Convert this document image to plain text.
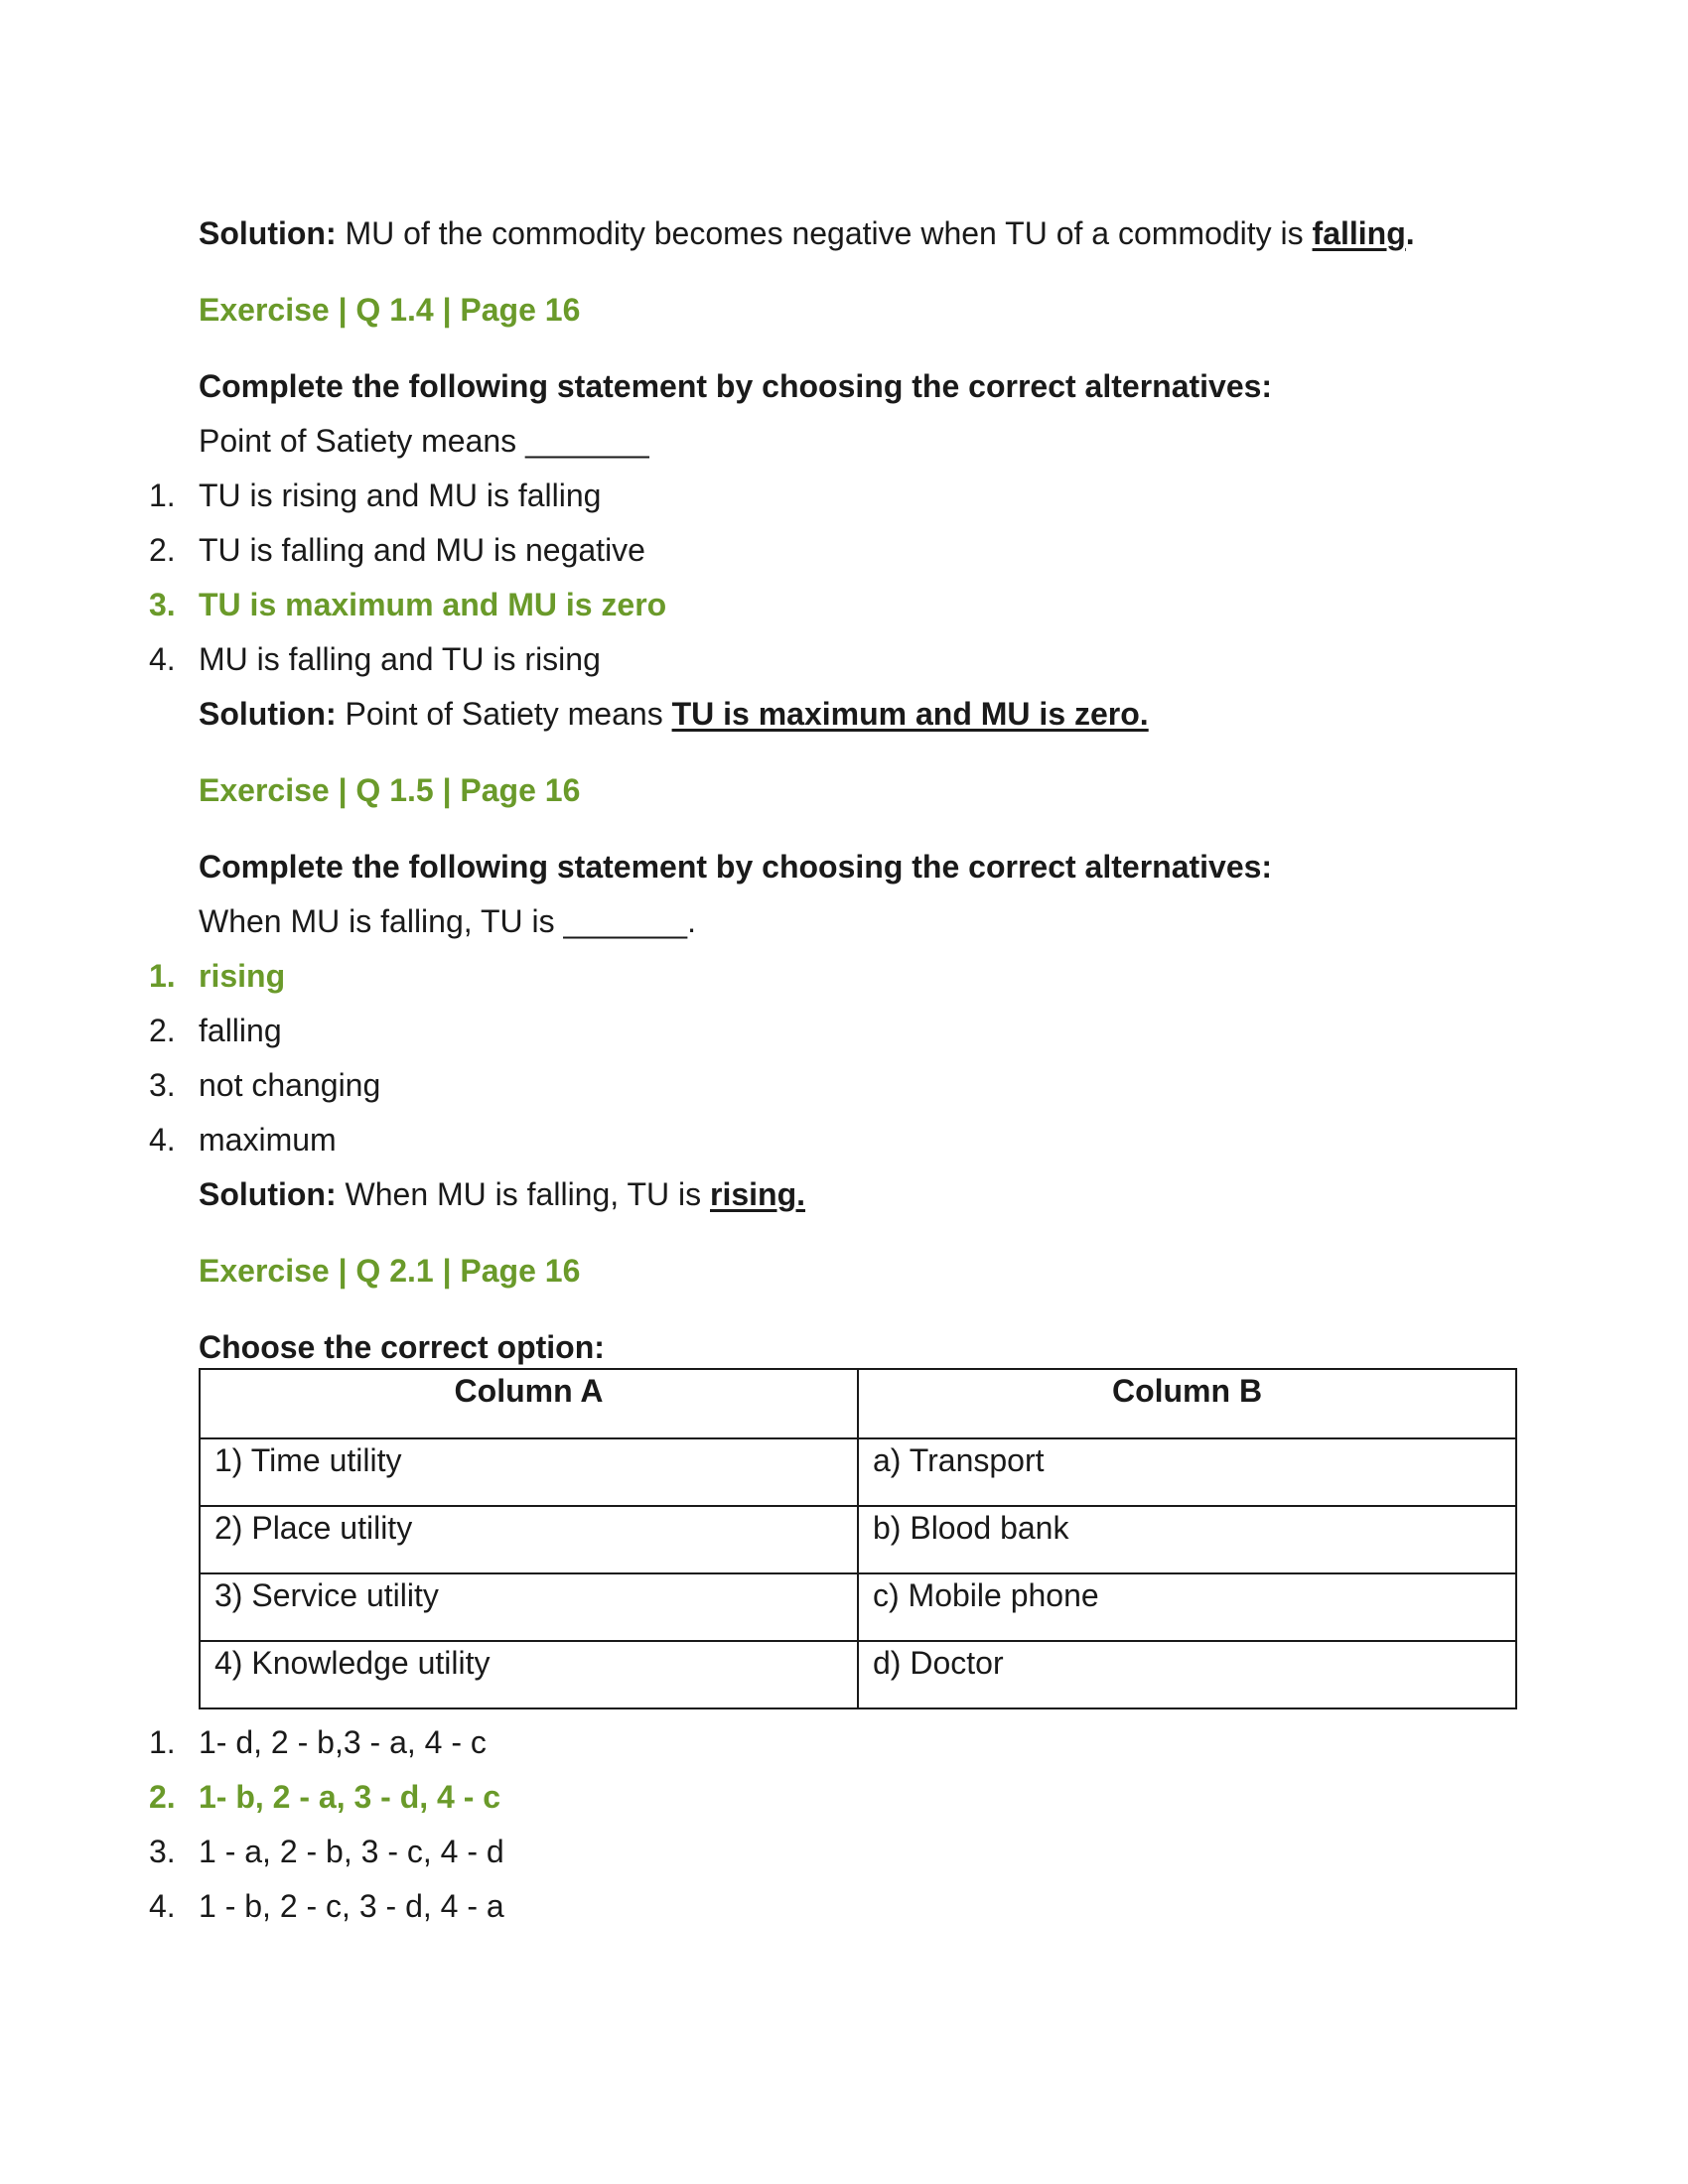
Solution: MU of the commodity becomes negative when TU of a commodity is falling.
Exercise | Q 1.4 | Page 16
Complete the following statement by choosing the correct alternatives:
Point of Satiety means _______
1. TU is rising and MU is falling
2. TU is falling and MU is negative
3. TU is maximum and MU is zero
4. MU is falling and TU is rising
Solution: Point of Satiety means TU is maximum and MU is zero.
Exercise | Q 1.5 | Page 16
Complete the following statement by choosing the correct alternatives:
When MU is falling, TU is _______.
1. rising
2. falling
3. not changing
4. maximum
Solution: When MU is falling, TU is rising.
Exercise | Q 2.1 | Page 16
Choose the correct option:
Column A	Column B
1) Time utility	a) Transport
2) Place utility	b) Blood bank
3) Service utility	c) Mobile phone
4) Knowledge utility	d) Doctor
1. 1- d, 2 - b,3 - a, 4 - c
2. 1- b, 2 - a, 3 - d, 4 - c
3. 1 - a, 2 - b, 3 - c, 4 - d
4. 1 - b, 2 - c, 3 - d, 4 - a
